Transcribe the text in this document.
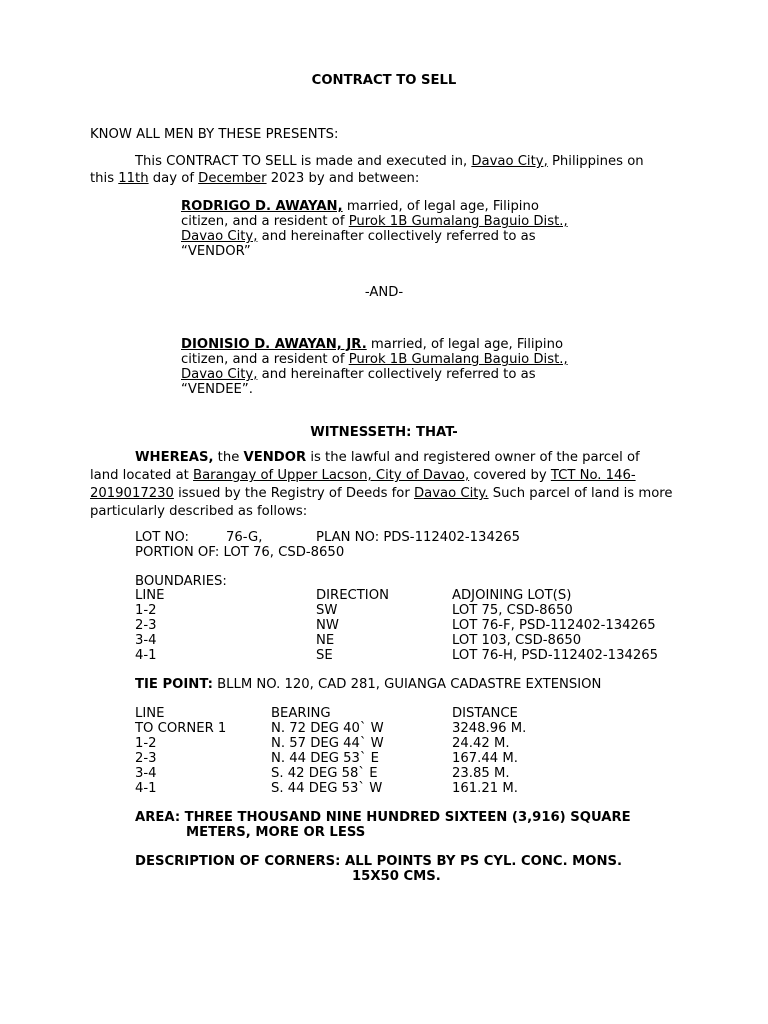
CONTRACT TO SELL
KNOW ALL MEN BY THESE PRESENTS:
This CONTRACT TO SELL is made and executed in, Davao City, Philippines on
this 11th day of December 2023 by and between:
RODRIGO D. AWAYAN, married, of legal age, Filipino
citizen, and a resident of Purok 1B Gumalang Baguio Dist.,
Davao City, and hereinafter collectively referred to as
“VENDOR”
-AND-
DIONISIO D. AWAYAN, JR. married, of legal age, Filipino
citizen, and a resident of Purok 1B Gumalang Baguio Dist.,
Davao City, and hereinafter collectively referred to as
“VENDEE”.
WITNESSETH: THAT-
WHEREAS, the VENDOR is the lawful and registered owner of the parcel of
land located at Barangay of Upper Lacson, City of Davao, covered by TCT No. 146-
2019017230 issued by the Registry of Deeds for Davao City. Such parcel of land is more
particularly described as follows:
LOT NO:	76-G,	PLAN NO: PDS-112402-134265
PORTION OF: LOT 76, CSD-8650
BOUNDARIES:
LINE	DIRECTION	ADJOINING LOT(S)
1-2	SW	LOT 75, CSD-8650
2-3	NW	LOT 76-F, PSD-112402-134265
3-4	NE	LOT 103, CSD-8650
4-1	SE	LOT 76-H, PSD-112402-134265
TIE POINT: BLLM NO. 120, CAD 281, GUIANGA CADASTRE EXTENSION
LINE	BEARING	DISTANCE
TO CORNER 1	N. 72 DEG 40` W	3248.96 M.
1-2	N. 57 DEG 44` W	24.42 M.
2-3	N. 44 DEG 53` E	167.44 M.
3-4	S. 42 DEG 58` E	23.85 M.
4-1	S. 44 DEG 53` W	161.21 M.
AREA: THREE THOUSAND NINE HUNDRED SIXTEEN (3,916) SQUARE
METERS, MORE OR LESS
DESCRIPTION OF CORNERS: ALL POINTS BY PS CYL. CONC. MONS.
15X50 CMS.
